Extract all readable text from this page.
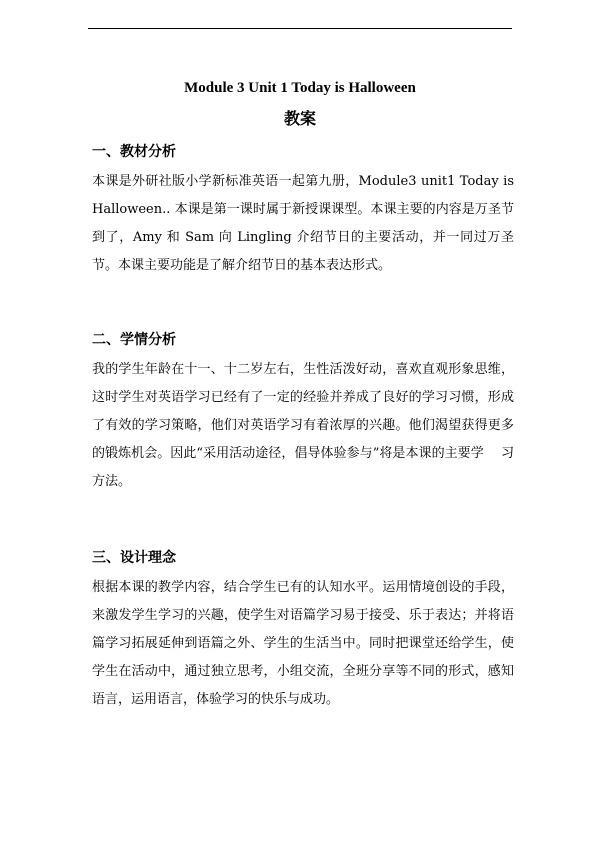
Module 3 Unit 1 Today is Halloween
教案
一、教材分析

本课是外研社版小学新标准英语一起第九册，Module3 unit1 Today is Halloween.. 本课是第一课时属于新授课课型。本课主要的内容是万圣节到了，Amy 和 Sam 向 Lingling 介绍节日的主要活动，并一同过万圣节。本课主要功能是了解介绍节日的基本表达形式。

二、学情分析

我的学生年龄在十一、十二岁左右，生性活泼好动，喜欢直观形象思维，这时学生对英语学习已经有了一定的经验并养成了良好的学习习惯，形成了有效的学习策略，他们对英语学习有着浓厚的兴趣。他们渴望获得更多的锻炼机会。因此“采用活动途径，倡导体验参与”将是本课的主要学　 习方法。

三、设计理念

根据本课的教学内容，结合学生已有的认知水平。运用情境创设的手段，来激发学生学习的兴趣，使学生对语篇学习易于接受、乐于表达；并将语篇学习拓展延伸到语篇之外、学生的生活当中。同时把课堂还给学生，使学生在活动中，通过独立思考，小组交流，全班分享等不同的形式，感知语言，运用语言，体验学习的快乐与成功。
